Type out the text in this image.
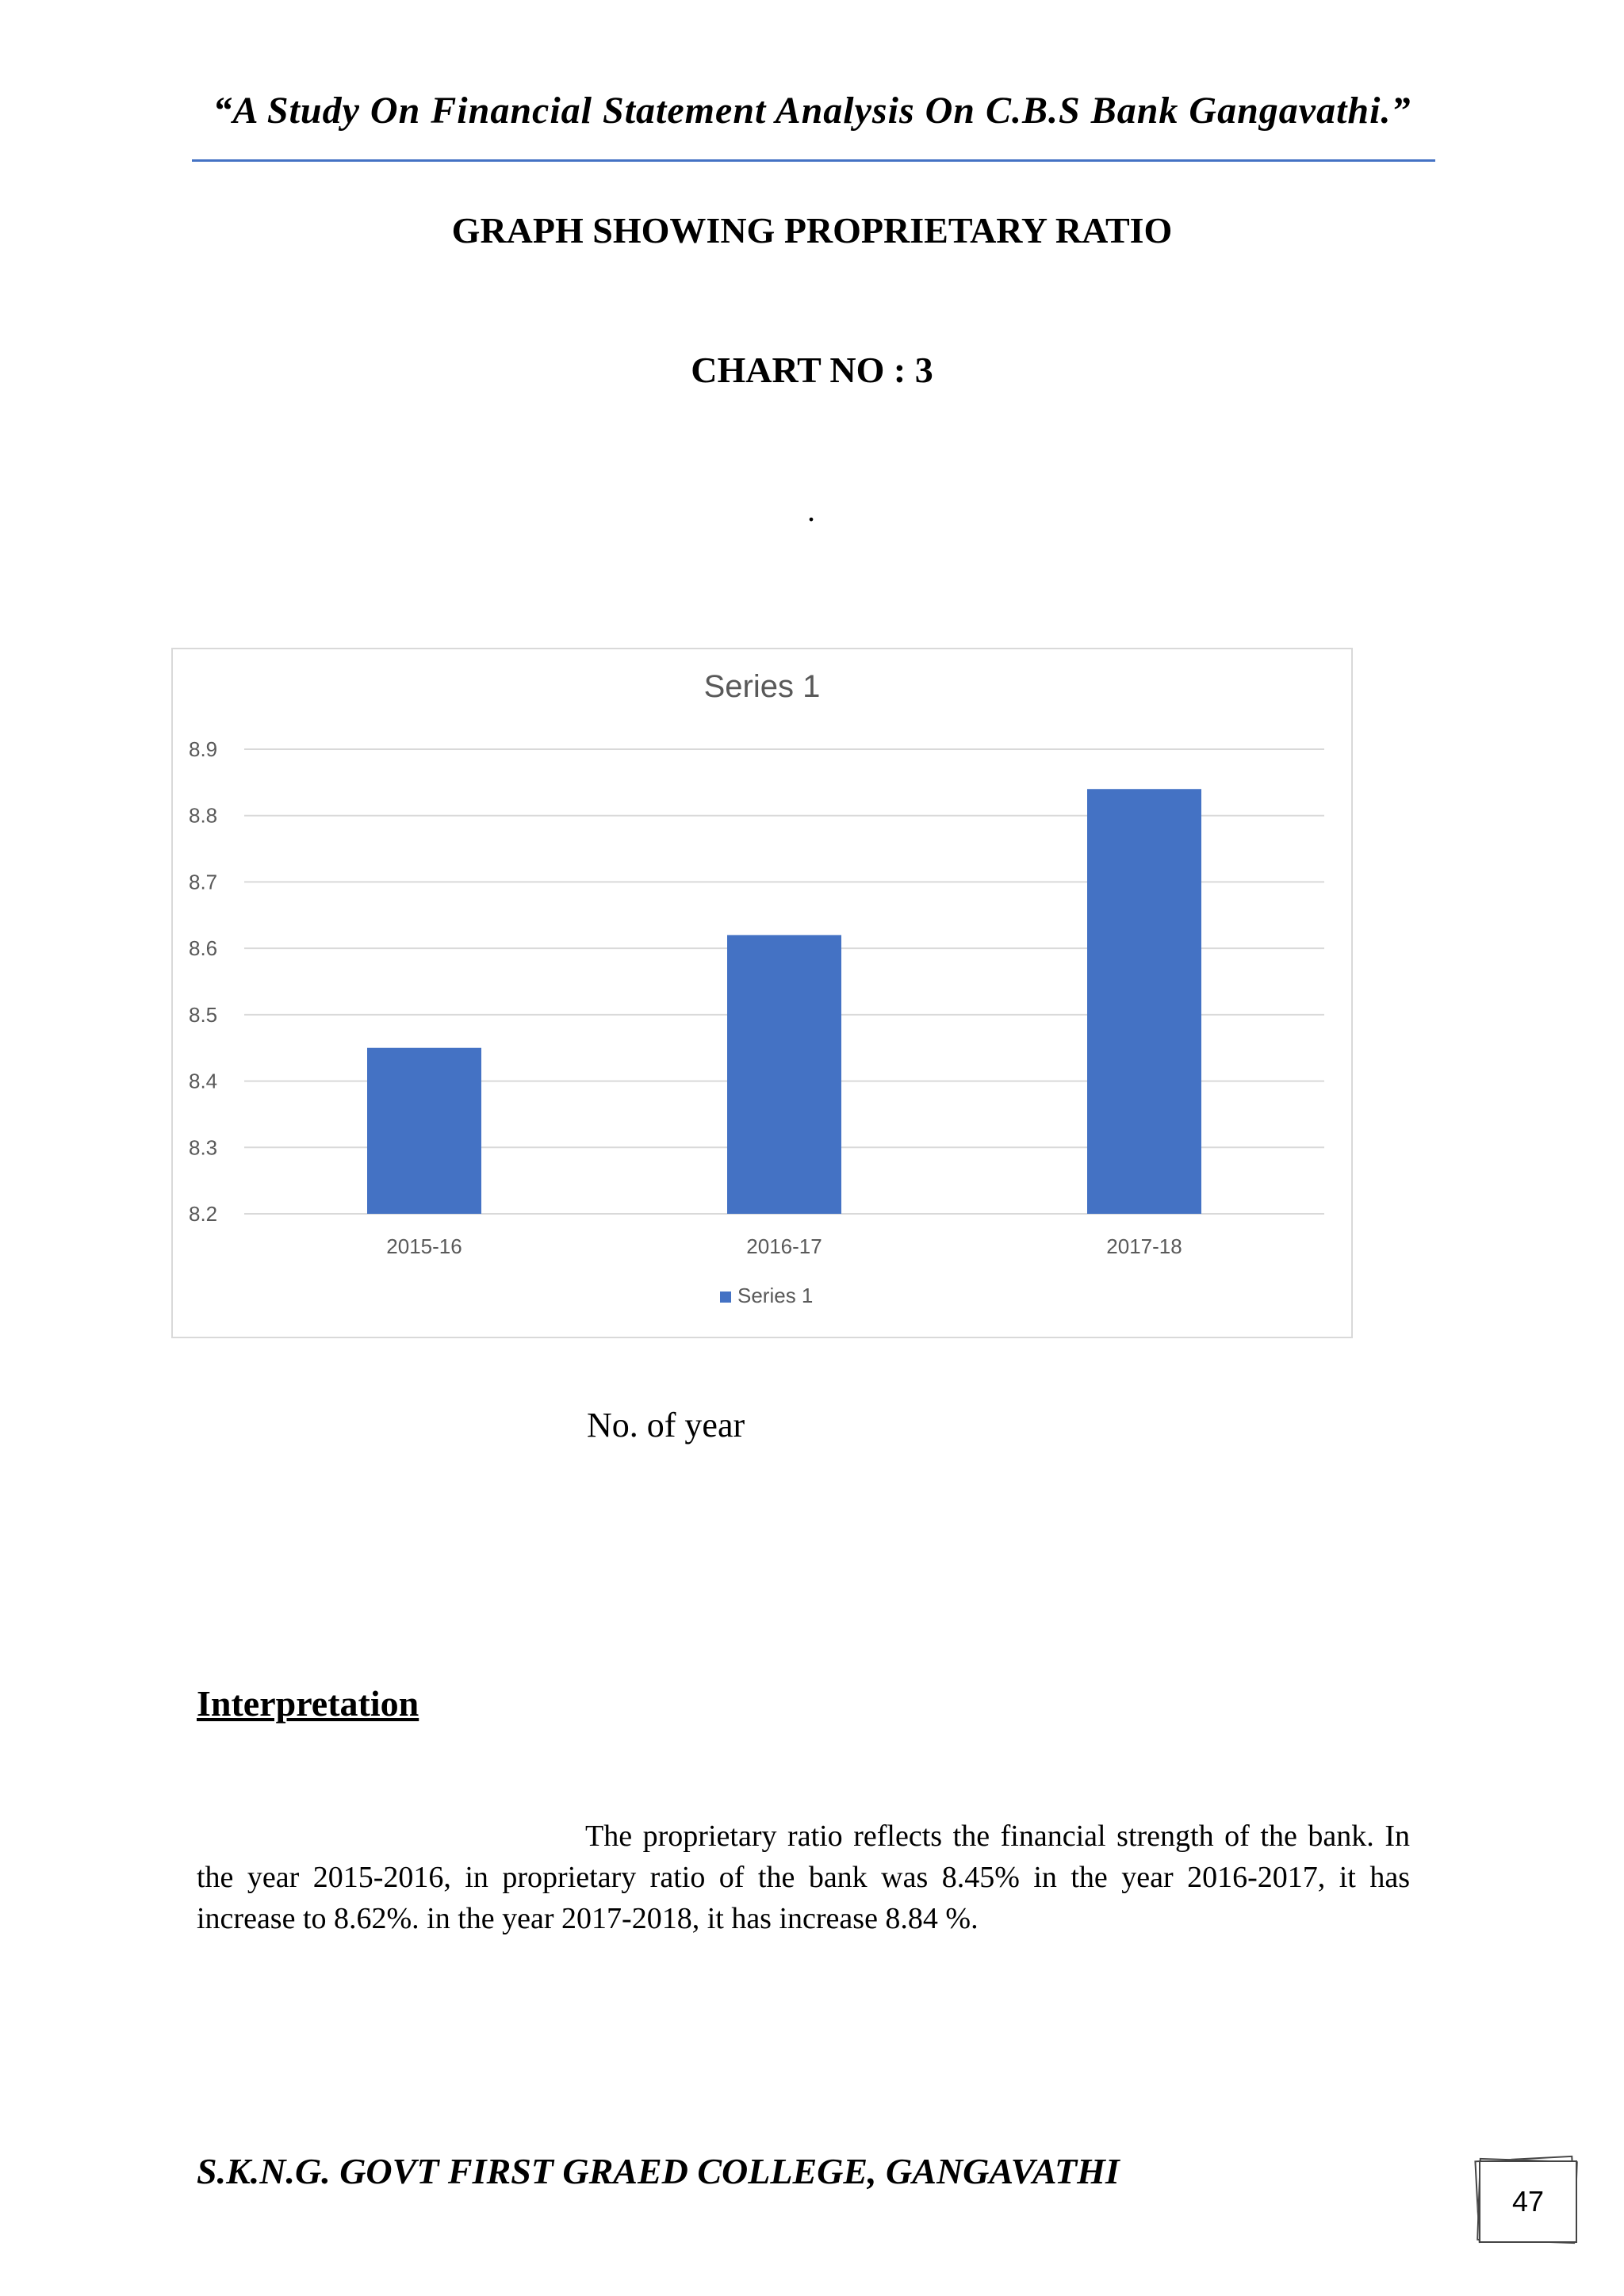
“A Study On Financial Statement Analysis On C.B.S Bank Gangavathi.”
GRAPH SHOWING PROPRIETARY RATIO
CHART NO : 3
.
Series 1
8.2
8.3
8.4
8.5
8.6
8.7
8.8
8.9
2015-16	2016-17	2017-18
Series 1
No. of year
Interpretation
The proprietary ratio reflects the financial strength of the bank. In the year 2015-2016, in proprietary ratio of the bank was 8.45% in the year 2016-2017, it has increase to 8.62%. in the year 2017-2018, it has increase 8.84 %.
S.K.N.G. GOVT FIRST GRAED COLLEGE, GANGAVATHI
47
